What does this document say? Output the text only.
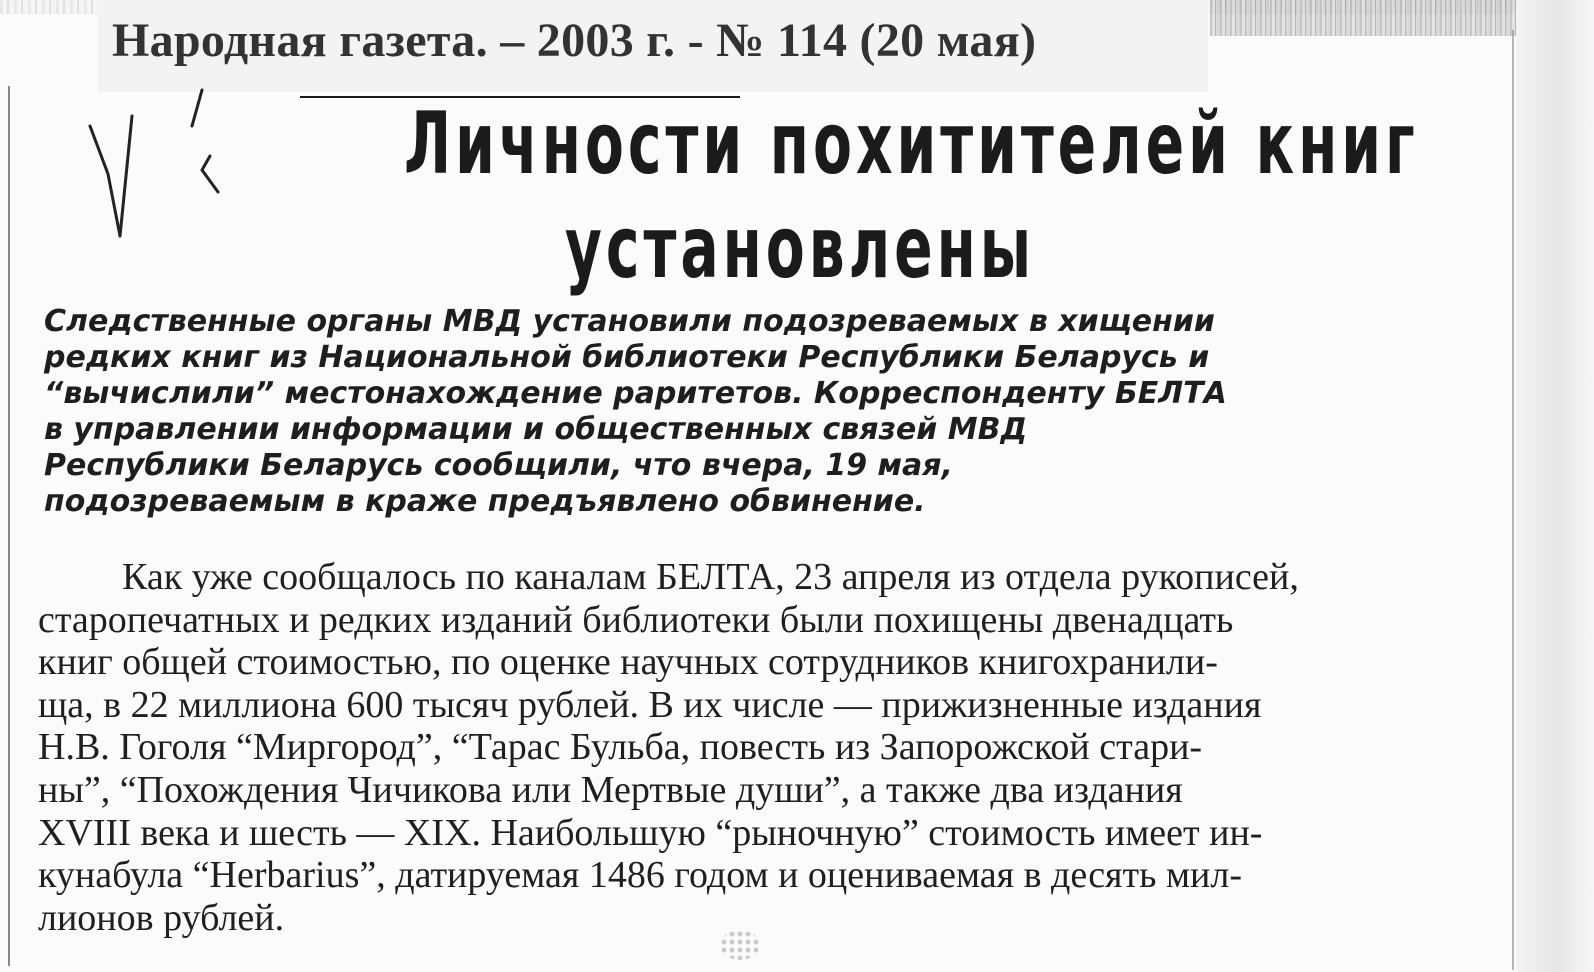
Народная газета. – 2003 г. - № 114 (20 мая)
Личности похитителей книг
установлены
Следственные органы МВД установили подозреваемых в хищении
редких книг из Национальной библиотеки Республики Беларусь и
“вычислили” местонахождение раритетов. Корреспонденту БЕЛТА
в управлении информации и общественных связей МВД
Республики Беларусь сообщили, что вчера, 19 мая,
подозреваемым в краже предъявлено обвинение.
Как уже сообщалось по каналам БЕЛТА, 23 апреля из отдела рукописей,
старопечатных и редких изданий библиотеки были похищены двенадцать
книг общей стоимостью, по оценке научных сотрудников книгохранили-
ща, в 22 миллиона 600 тысяч рублей. В их числе — прижизненные издания
Н.В. Гоголя “Миргород”, “Тарас Бульба, повесть из Запорожской стари-
ны”, “Похождения Чичикова или Мертвые души”, а также два издания
XVIII века и шесть — XIX. Наибольшую “рыночную” стоимость имеет ин-
кунабула “Herbarius”, датируемая 1486 годом и оцениваемая в десять мил-
лионов рублей.
